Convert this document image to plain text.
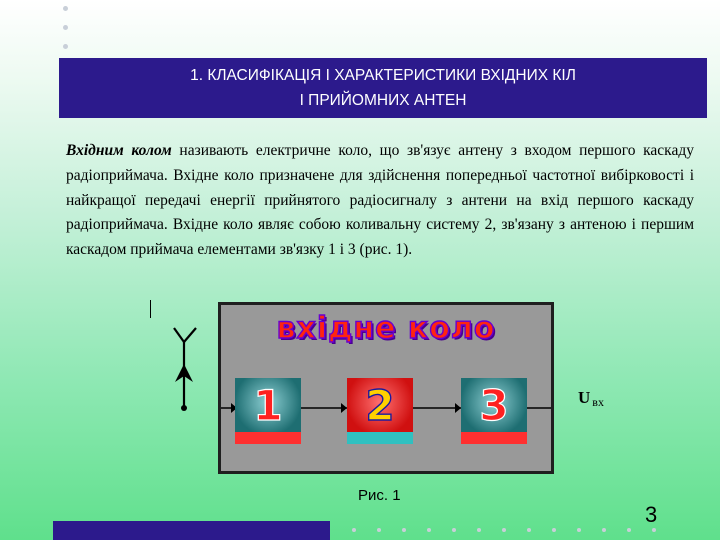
1. КЛАСИФІКАЦІЯ І ХАРАКТЕРИСТИКИ ВХІДНИХ КІЛ
І ПРИЙОМНИХ АНТЕН
Вхідним колом називають електричне коло, що зв'язує антену з входом першого каскаду радіоприймача. Вхідне коло призначене для здійснення попередньої частотної вибірковості і найкращої передачі енергії прийнятого радіосигналу з антени на вхід першого каскаду радіоприймача. Вхідне коло являє собою коливальну систему 2, зв'язану з антеною і першим каскадом приймача елементами зв'язку 1 і 3 (рис. 1).
вхідне коло
1	2	3	U $_{вх}$
Рис. 1
3
